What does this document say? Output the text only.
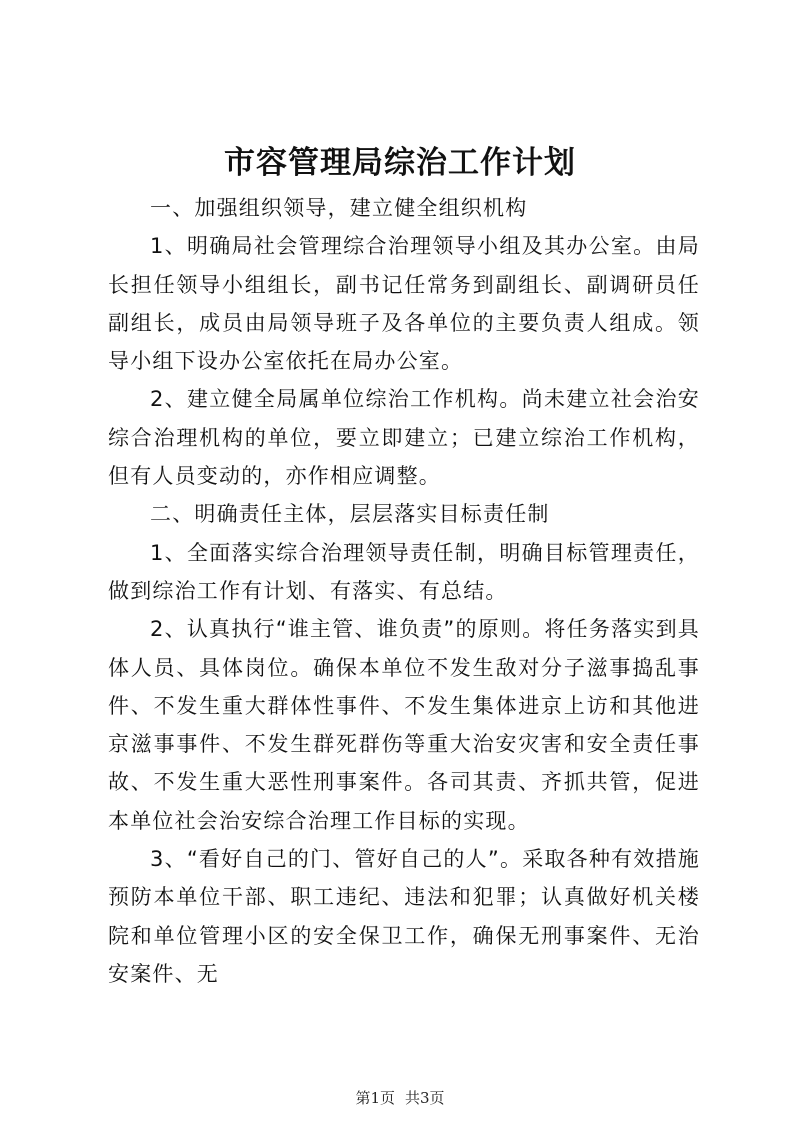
市容管理局综治工作计划

一、加强组织领导，建立健全组织机构

1、明确局社会管理综合治理领导小组及其办公室。由局长担任领导小组组长，副书记任常务到副组长、副调研员任副组长，成员由局领导班子及各单位的主要负责人组成。领导小组下设办公室依托在局办公室。

2、建立健全局属单位综治工作机构。尚未建立社会治安综合治理机构的单位，要立即建立；已建立综治工作机构，但有人员变动的，亦作相应调整。

二、明确责任主体，层层落实目标责任制

1、全面落实综合治理领导责任制，明确目标管理责任，做到综治工作有计划、有落实、有总结。

2、认真执行“谁主管、谁负责”的原则。将任务落实到具体人员、具体岗位。确保本单位不发生敌对分子滋事捣乱事件、不发生重大群体性事件、不发生集体进京上访和其他进京滋事事件、不发生群死群伤等重大治安灾害和安全责任事故、不发生重大恶性刑事案件。各司其责、齐抓共管，促进本单位社会治安综合治理工作目标的实现。

3、“看好自己的门、管好自己的人”。采取各种有效措施预防本单位干部、职工违纪、违法和犯罪；认真做好机关楼院和单位管理小区的安全保卫工作，确保无刑事案件、无治安案件、无

第1页 共3页
